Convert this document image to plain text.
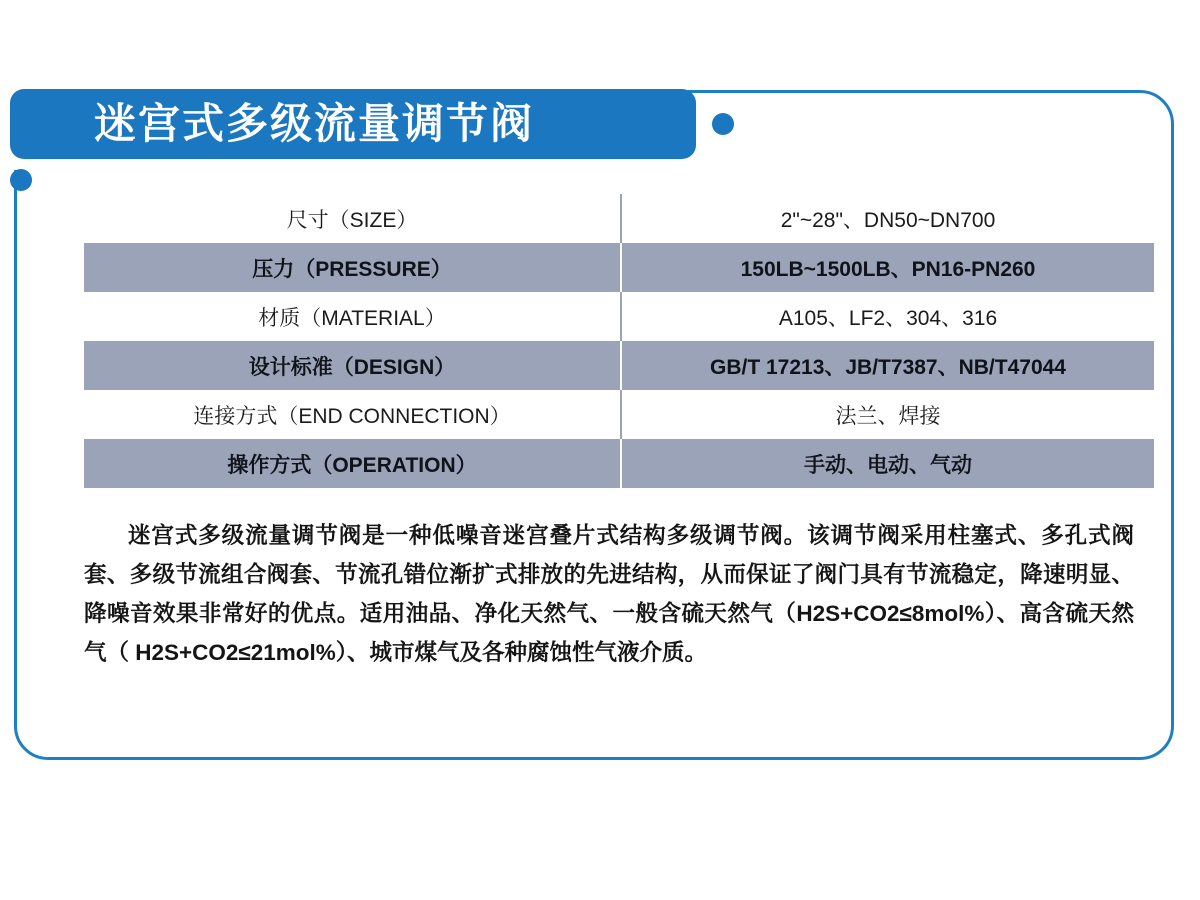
迷宫式多级流量调节阀
尺寸（SIZE）	2"~28"、DN50~DN700
压力（PRESSURE）	150LB~1500LB、PN16-PN260
材质（MATERIAL）	A105、LF2、304、316
设计标准（DESIGN）	GB/T 17213、JB/T7387、NB/T47044
连接方式（END CONNECTION）	法兰、焊接
操作方式（OPERATION）	手动、电动、气动
迷宫式多级流量调节阀是一种低噪音迷宫叠片式结构多级调节阀。该调节阀采用柱塞式、多孔式阀套、多级节流组合阀套、节流孔错位渐扩式排放的先进结构，从而保证了阀门具有节流稳定，降速明显、降噪音效果非常好的优点。适用油品、净化天然气、一般含硫天然气（H2S+CO2≤8mol%）、高含硫天然气（ H2S+CO2≤21mol%）、城市煤气及各种腐蚀性气液介质。
